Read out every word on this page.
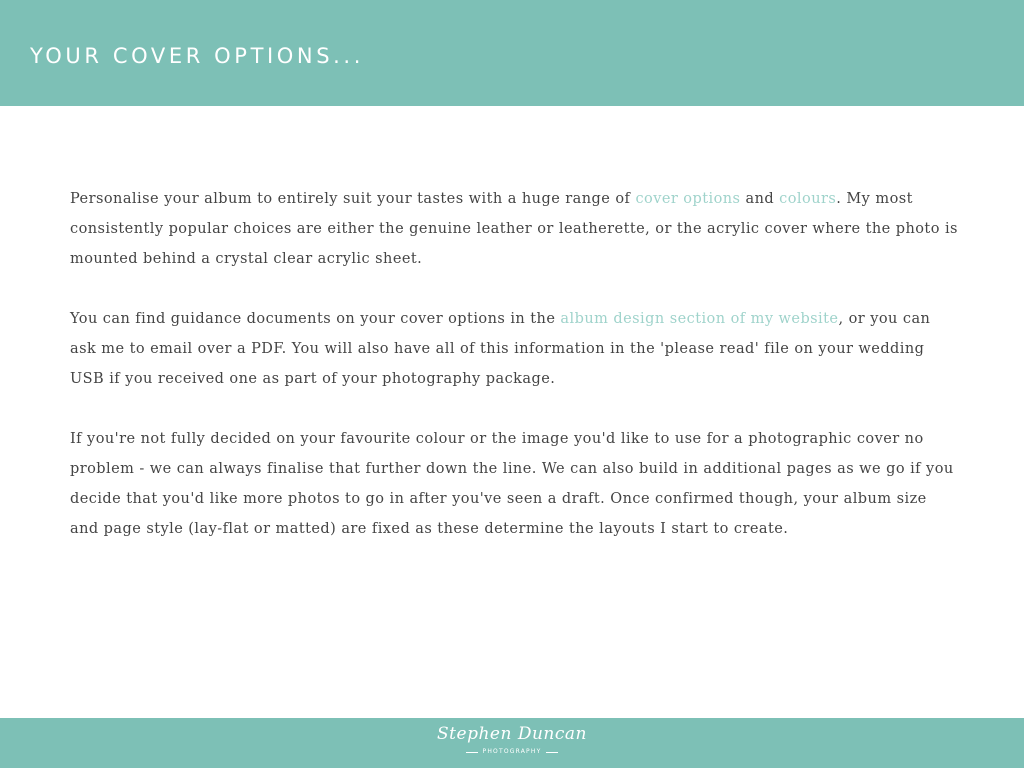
YOUR COVER OPTIONS...

Personalise your album to entirely suit your tastes with a huge range of cover options and colours. My most consistently popular choices are either the genuine leather or leatherette, or the acrylic cover where the photo is mounted behind a crystal clear acrylic sheet.

You can find guidance documents on your cover options in the album design section of my website, or you can ask me to email over a PDF. You will also have all of this information in the 'please read' file on your wedding USB if you received one as part of your photography package.

If you're not fully decided on your favourite colour or the image you'd like to use for a photographic cover no problem - we can always finalise that further down the line. We can also build in additional pages as we go if you decide that you'd like more photos to go in after you've seen a draft. Once confirmed though, your album size and page style (lay-flat or matted) are fixed as these determine the layouts I start to create.

Stephen Duncan
PHOTOGRAPHY
